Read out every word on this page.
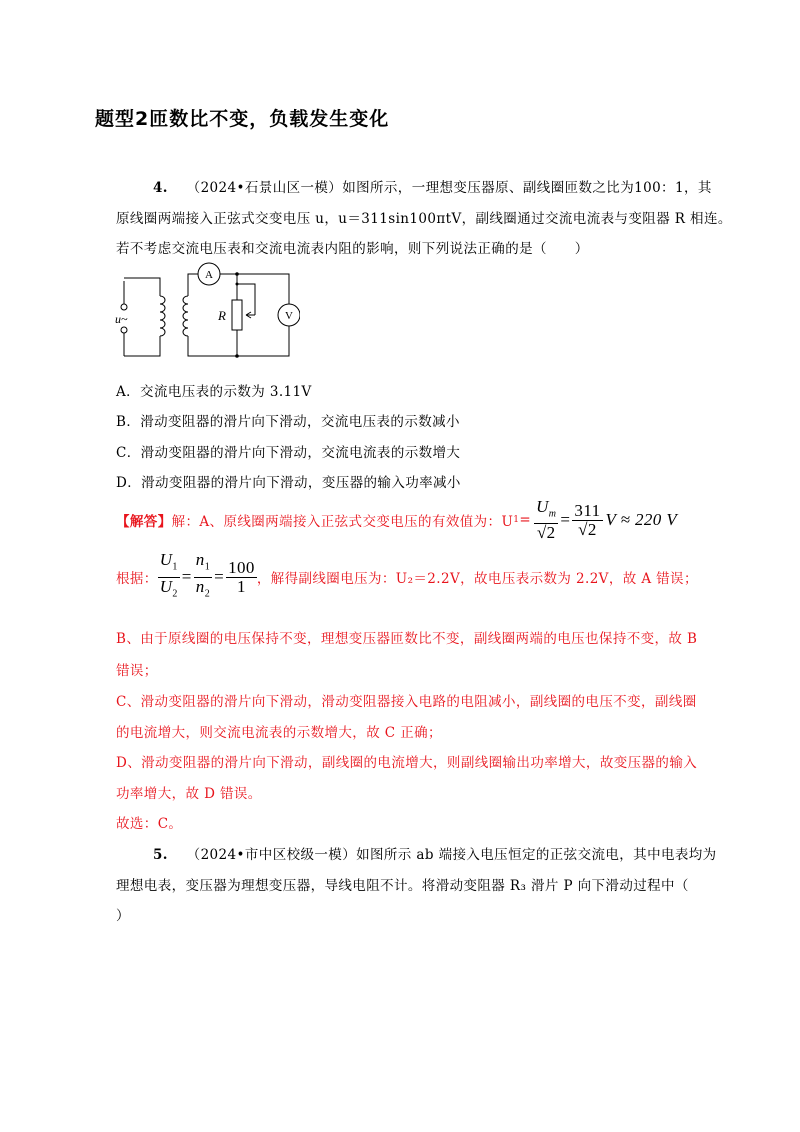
题型2匝数比不变，负载发生变化
4. （2024•石景山区一模）如图所示，一理想变压器原、副线圈匝数之比为100：1，其
原线圈两端接入正弦式交变电压 u，u＝311sin100πtV，副线圈通过交流电流表与变阻器 R 相连。
若不考虑交流电压表和交流电流表内阻的影响，则下列说法正确的是（　　）
A
V
u~	R
A．交流电压表的示数为 3.11V
B．滑动变阻器的滑片向下滑动，交流电压表的示数减小
C．滑动变阻器的滑片向下滑动，交流电流表的示数增大
D．滑动变阻器的滑片向下滑动，变压器的输入功率减小
【解答】 解：A、原线圈两端接入正弦式交变电压的有效值为：U $1 = \frac{U_m}{√2} = \frac{311}{√2}$ V ≈ 220 V
根据： $\frac{U_1}{U_2} = \frac{n_1}{n_2} = \frac{100}{1}$ ，解得副线圈电压为：U₂＝2.2V，故电压表示数为 2.2V，故 A 错误；
B、由于原线圈的电压保持不变，理想变压器匝数比不变，副线圈两端的电压也保持不变，故 B
错误；
C、滑动变阻器的滑片向下滑动，滑动变阻器接入电路的电阻减小，副线圈的电压不变，副线圈
的电流增大，则交流电流表的示数增大，故 C 正确；
D、滑动变阻器的滑片向下滑动，副线圈的电流增大，则副线圈输出功率增大，故变压器的输入
功率增大，故 D 错误。
故选：C。
5. （2024•市中区校级一模）如图所示 ab 端接入电压恒定的正弦交流电，其中电表均为
理想电表，变压器为理想变压器，导线电阻不计。将滑动变阻器 R₃ 滑片 P 向下滑动过程中（
）
